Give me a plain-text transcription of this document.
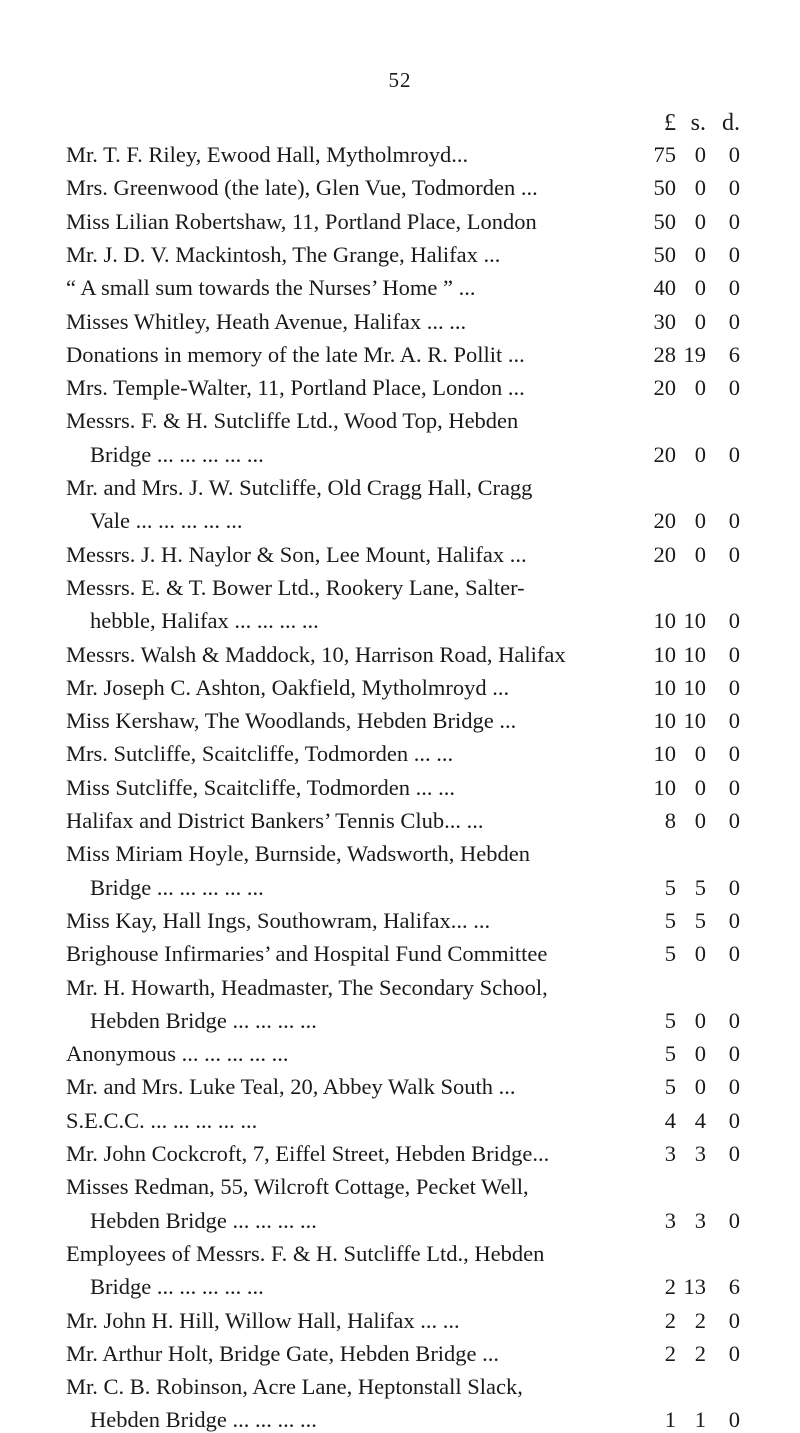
52
£ s. d.
Mr. T. F. Riley, Ewood Hall, Mytholmroyd...	75 0	0
Mrs. Greenwood (the late), Glen Vue, Todmorden ...	50 0	0
Miss Lilian Robertshaw, 11, Portland Place, London	50 0	0
Mr. J. D. V. Mackintosh, The Grange, Halifax ...	50 0	0
“ A small sum towards the Nurses’ Home ” ...	40 0	0
Misses Whitley, Heath Avenue, Halifax ... ...	30 0	0
Donations in memory of the late Mr. A. R. Pollit ...	28 19	6
Mrs. Temple-Walter, 11, Portland Place, London ...	20 0	0
Messrs. F. & H. Sutcliffe Ltd., Wood Top, Hebden
Bridge ... ... ... ... ...	20 0	0
Mr. and Mrs. J. W. Sutcliffe, Old Cragg Hall, Cragg
Vale ... ... ... ... ...	20 0	0
Messrs. J. H. Naylor & Son, Lee Mount, Halifax ...	20 0	0
Messrs. E. & T. Bower Ltd., Rookery Lane, Salter-
hebble, Halifax ... ... ... ...	10 10	0
Messrs. Walsh & Maddock, 10, Harrison Road, Halifax	10 10	0
Mr. Joseph C. Ashton, Oakfield, Mytholmroyd ...	10 10	0
Miss Kershaw, The Woodlands, Hebden Bridge ...	10 10	0
Mrs. Sutcliffe, Scaitcliffe, Todmorden ... ...	10 0	0
Miss Sutcliffe, Scaitcliffe, Todmorden ... ...	10 0	0
Halifax and District Bankers’ Tennis Club... ...	8 0	0
Miss Miriam Hoyle, Burnside, Wadsworth, Hebden
Bridge ... ... ... ... ...	5 5	0
Miss Kay, Hall Ings, Southowram, Halifax... ...	5 5	0
Brighouse Infirmaries’ and Hospital Fund Committee	5 0	0
Mr. H. Howarth, Headmaster, The Secondary School,
Hebden Bridge ... ... ... ...	5 0	0
Anonymous ... ... ... ... ...	5 0	0
Mr. and Mrs. Luke Teal, 20, Abbey Walk South ...	5 0	0
S.E.C.C. ... ... ... ... ...	4 4	0
Mr. John Cockcroft, 7, Eiffel Street, Hebden Bridge...	3 3	0
Misses Redman, 55, Wilcroft Cottage, Pecket Well,
Hebden Bridge ... ... ... ...	3 3	0
Employees of Messrs. F. & H. Sutcliffe Ltd., Hebden
Bridge ... ... ... ... ...	2 13	6
Mr. John H. Hill, Willow Hall, Halifax ... ...	2 2	0
Mr. Arthur Holt, Bridge Gate, Hebden Bridge ...	2 2	0
Mr. C. B. Robinson, Acre Lane, Heptonstall Slack,
Hebden Bridge ... ... ... ...	1 1	0
